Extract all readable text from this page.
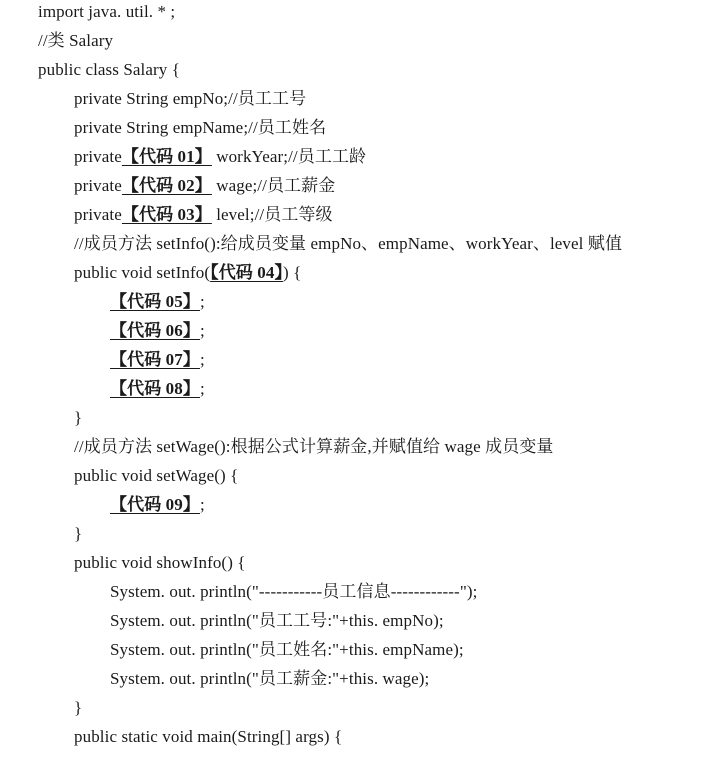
import java. util. * ;
//类 Salary
public class Salary {
private String empNo;//员工工号
private String empName;//员工姓名
private【代码 01】 workYear;//员工工龄
private【代码 02】 wage;//员工薪金
private【代码 03】 level;//员工等级
//成员方法 setInfo():给成员变量 empNo、empName、workYear、level 赋值
public void setInfo(【代码 04】) {
【代码 05】;
【代码 06】;
【代码 07】;
【代码 08】;
}
//成员方法 setWage():根据公式计算薪金,并赋值给 wage 成员变量
public void setWage() {
【代码 09】;
}
public void showInfo() {
System. out. println("-----------员工信息------------");
System. out. println("员工工号:"+this. empNo);
System. out. println("员工姓名:"+this. empName);
System. out. println("员工薪金:"+this. wage);
}
public static void main(String[] args) {
